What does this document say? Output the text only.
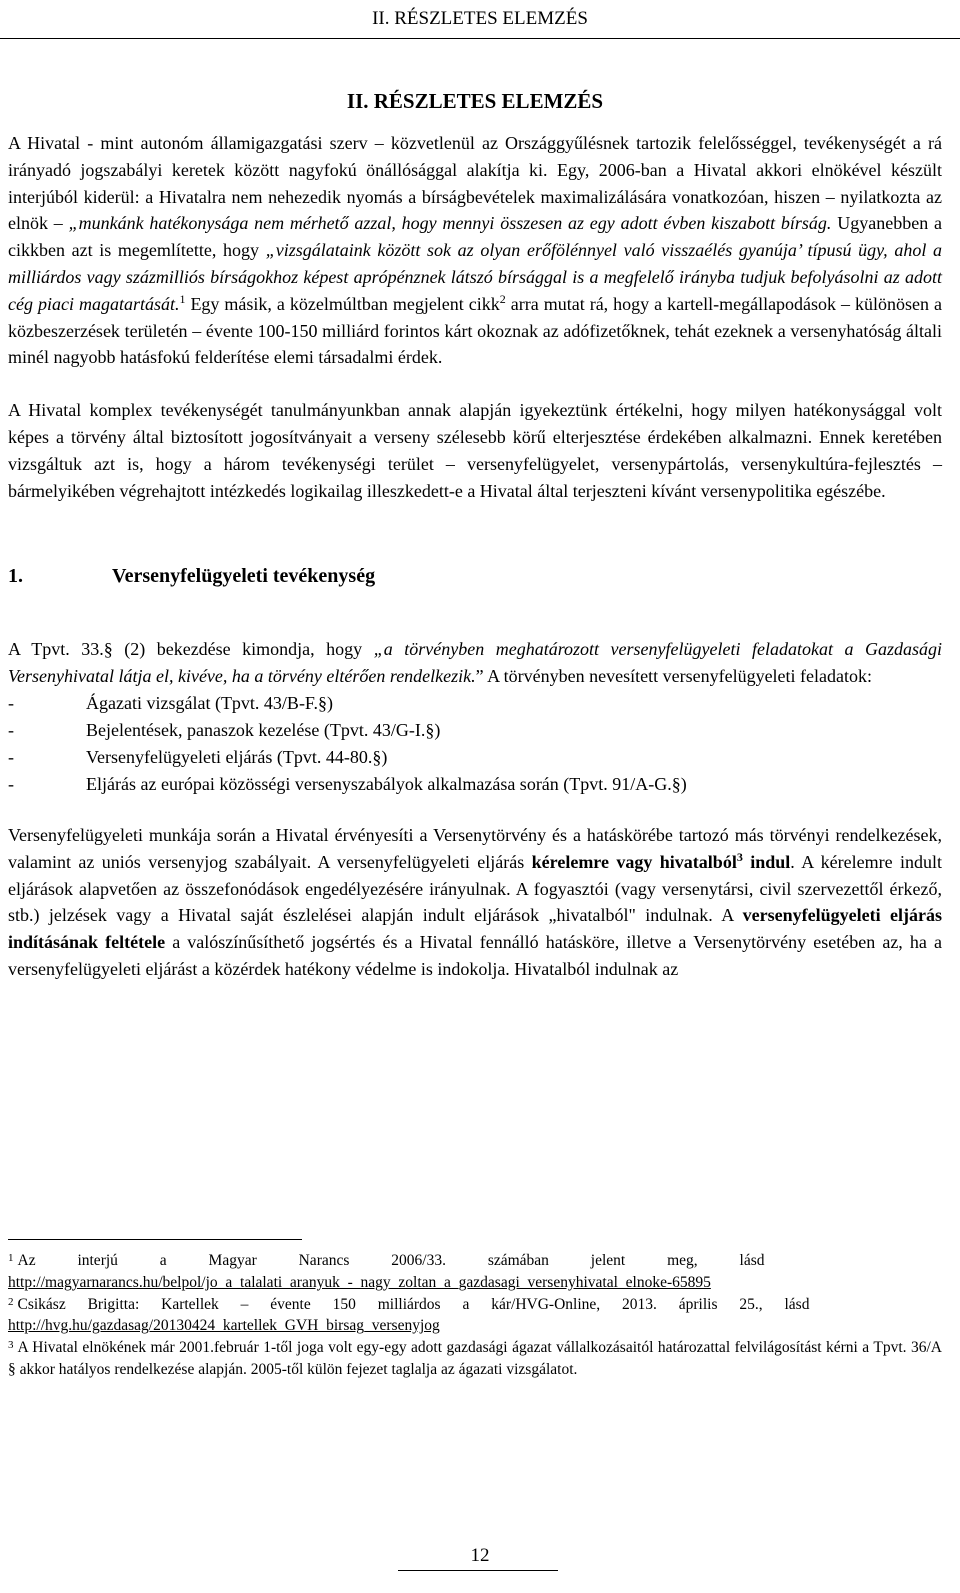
II. RÉSZLETES ELEMZÉS
II. RÉSZLETES ELEMZÉS

A Hivatal - mint autonóm államigazgatási szerv – közvetlenül az Országgyűlésnek tartozik felelősséggel, tevékenységét a rá irányadó jogszabályi keretek között nagyfokú önállósággal alakítja ki. Egy, 2006-ban a Hivatal akkori elnökével készült interjúból kiderül: a Hivatalra nem nehezedik nyomás a bírságbevételek maximalizálására vonatkozóan, hiszen – nyilatkozta az elnök – „munkánk hatékonysága nem mérhető azzal, hogy mennyi összesen az egy adott évben kiszabott bírság. Ugyanebben a cikkben azt is megemlítette, hogy „vizsgálataink között sok az olyan erőfölénnyel való visszaélés gyanúja’ típusú ügy, ahol a milliárdos vagy százmilliós bírságokhoz képest aprópénznek látszó bírsággal is a megfelelő irányba tudjuk befolyásolni az adott cég piaci magatartását.$^1$ Egy másik, a közelmúltban megjelent cikk$^2$ arra mutat rá, hogy a kartell-megállapodások – különösen a közbeszerzések területén – évente 100-150 milliárd forintos kárt okoznak az adófizetőknek, tehát ezeknek a versenyhatóság általi minél nagyobb hatásfokú felderítése elemi társadalmi érdek.

A Hivatal komplex tevékenységét tanulmányunkban annak alapján igyekeztünk értékelni, hogy milyen hatékonysággal volt képes a törvény által biztosított jogosítványait a verseny szélesebb körű elterjesztése érdekében alkalmazni. Ennek keretében vizsgáltuk azt is, hogy a három tevékenységi terület – versenyfelügyelet, versenypártolás, versenykultúra-fejlesztés – bármelyikében végrehajtott intézkedés logikailag illeszkedett-e a Hivatal által terjeszteni kívánt versenypolitika egészébe.

1.	Versenyfelügyeleti tevékenység

A Tpvt. 33.§ (2) bekezdése kimondja, hogy „a törvényben meghatározott versenyfelügyeleti feladatokat a Gazdasági Versenyhivatal látja el, kivéve, ha a törvény eltérően rendelkezik.” A törvényben nevesített versenyfelügyeleti feladatok:

-	Ágazati vizsgálat (Tpvt. 43/B-F.§)
-	Bejelentések, panaszok kezelése (Tpvt. 43/G-I.§)
-	Versenyfelügyeleti eljárás (Tpvt. 44-80.§)
-	Eljárás az európai közösségi versenyszabályok alkalmazása során (Tpvt. 91/A-G.§)

Versenyfelügyeleti munkája során a Hivatal érvényesíti a Versenytörvény és a hatáskörébe tartozó más törvényi rendelkezések, valamint az uniós versenyjog szabályait. A versenyfelügyeleti eljárás kérelemre vagy hivatalból$^3$ indul. A kérelemre indult eljárások alapvetően az összefonódások engedélyezésére irányulnak. A fogyasztói (vagy versenytársi, civil szervezettől érkező, stb.) jelzések vagy a Hivatal saját észlelései alapján indult eljárások „hivatalból" indulnak. A versenyfelügyeleti eljárás indításának feltétele a valószínűsíthető jogsértés és a Hivatal fennálló hatásköre, illetve a Versenytörvény esetében az, ha a versenyfelügyeleti eljárást a közérdek hatékony védelme is indokolja. Hivatalból indulnak az

$^1$ Az interjú a Magyar Narancs 2006/33. számában jelent meg, lásd
http://magyarnarancs.hu/belpol/jo_a_talalati_aranyuk_-_nagy_zoltan_a_gazdasagi_versenyhivatal_elnoke-65895
$^2$ Csikász Brigitta: Kartellek – évente 150 milliárdos a kár/HVG-Online, 2013. április 25., lásd
http://hvg.hu/gazdasag/20130424_kartellek_GVH_birsag_versenyjog
$^3$ A Hivatal elnökének már 2001.február 1-től joga volt egy-egy adott gazdasági ágazat vállalkozásaitól határozattal felvilágosítást kérni a Tpvt. 36/A § akkor hatályos rendelkezése alapján. 2005-től külön fejezet taglalja az ágazati vizsgálatot.
12
